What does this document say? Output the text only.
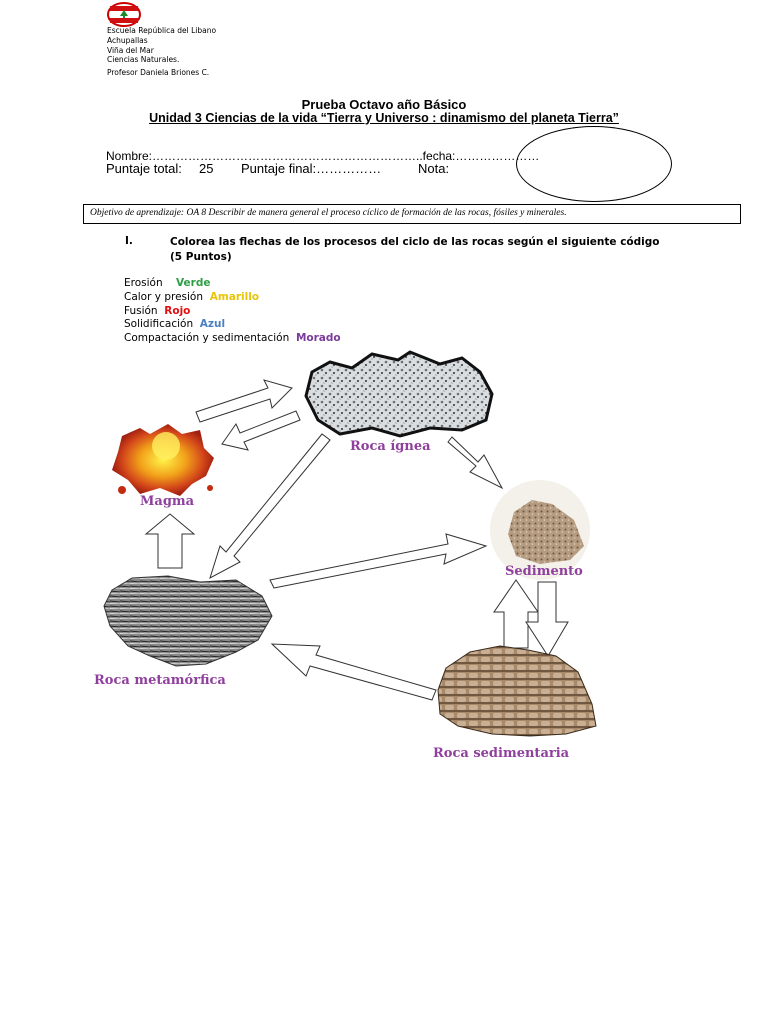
Escuela República del Libano
Achupallas
Viña del Mar
Ciencias Naturales.
Profesor Daniela Briones C.
Prueba Octavo año Básico
Unidad 3 Ciencias de la vida “Tierra y Universo : dinamismo del planeta Tierra”
Nombre:…………………………………………………………..fecha:…………………
Puntaje total: 25 Puntaje final:……………	Nota:
Objetivo de aprendizaje: OA 8 Describir de manera general el proceso cíclico de formación de las rocas, fósiles y minerales.
I.	Colorea las flechas de los procesos del ciclo de las rocas según el siguiente código (5 Puntos)
Erosión Verde
Calor y presión Amarillo
Fusión Rojo
Solidificación Azul
Compactación y sedimentación Morado
Roca ígnea
Magma
Sedimento
Roca metamórfica
Roca sedimentaria
